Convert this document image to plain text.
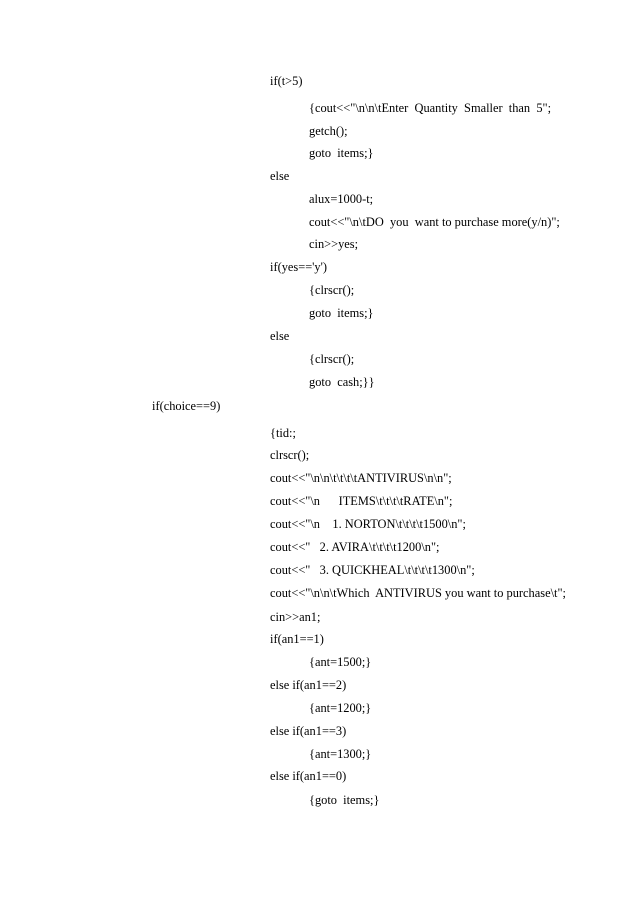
if(t>5)
{cout<<"\n\n\tEnter  Quantity  Smaller  than  5";
getch();
goto  items;}
else
alux=1000-t;
cout<<"\n\tDO  you  want to purchase more(y/n)";
cin>>yes;
if(yes=='y')
{clrscr();
goto  items;}
else
{clrscr();
goto  cash;}}
if(choice==9)
{tid:;
clrscr();
cout<<"\n\n\t\t\t\tANTIVIRUS\n\n";
cout<<"\n      ITEMS\t\t\t\tRATE\n";
cout<<"\n    1. NORTON\t\t\t\t1500\n";
cout<<"   2. AVIRA\t\t\t\t1200\n";
cout<<"   3. QUICKHEAL\t\t\t\t1300\n";
cout<<"\n\n\tWhich  ANTIVIRUS you want to purchase\t";
cin>>an1;
if(an1==1)
{ant=1500;}
else if(an1==2)
{ant=1200;}
else if(an1==3)
{ant=1300;}
else if(an1==0)
{goto  items;}
